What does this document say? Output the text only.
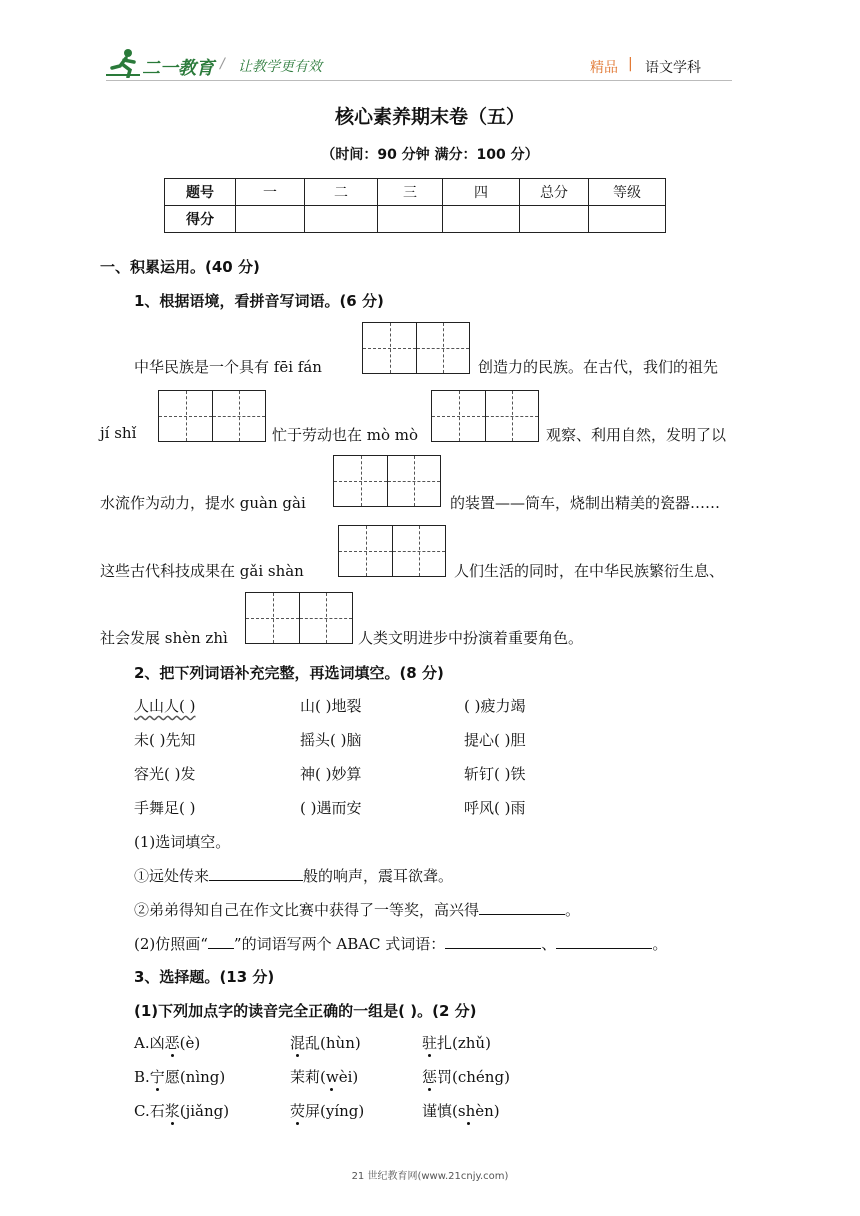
二一教育 / 让教学更有效	精品 | 语文学科
核心素养期末卷（五）
（时间：90 分钟 满分：100 分）
题号	一	二	三	四	总分	等级
得分						
一、积累运用。(40 分)
1、根据语境，看拼音写词语。(6 分)
中华民族是一个具有 fēi fán	创造力的民族。在古代，我们的祖先
jí shǐ	忙于劳动也在 mò mò	观察、利用自然，发明了以
水流作为动力，提水 guàn gài	的装置——筒车，烧制出精美的瓷器……
这些古代科技成果在 gǎi shàn	人们生活的同时，在中华民族繁衍生息、
社会发展 shèn zhì	人类文明进步中扮演着重要角色。
2、把下列词语补充完整，再选词填空。(8 分)
人山人( )	山( )地裂	( )疲力竭
未( )先知	摇头( )脑	提心( )胆
容光( )发	神( )妙算	斩钉( )铁
手舞足( )	( )遇而安	呼风( )雨
(1)选词填空。
①远处传来	般的响声，震耳欲聋。
②弟弟得知自己在作文比赛中获得了一等奖，高兴得	。
(2)仿照画“ ”的词语写两个 ABAC 式词语：	、	。
3、选择题。(13 分)
(1)下列加点字的读音完全正确的一组是( )。(2 分)
A.凶恶(è)	混乱(hùn)	驻扎(zhǔ)
B.宁愿(nìng)	茉莉(wèi)	惩罚(chéng)
C.石浆(jiǎng)	荧屏(yíng)	谨慎(shèn)
21 世纪教育网(www.21cnjy.com)
